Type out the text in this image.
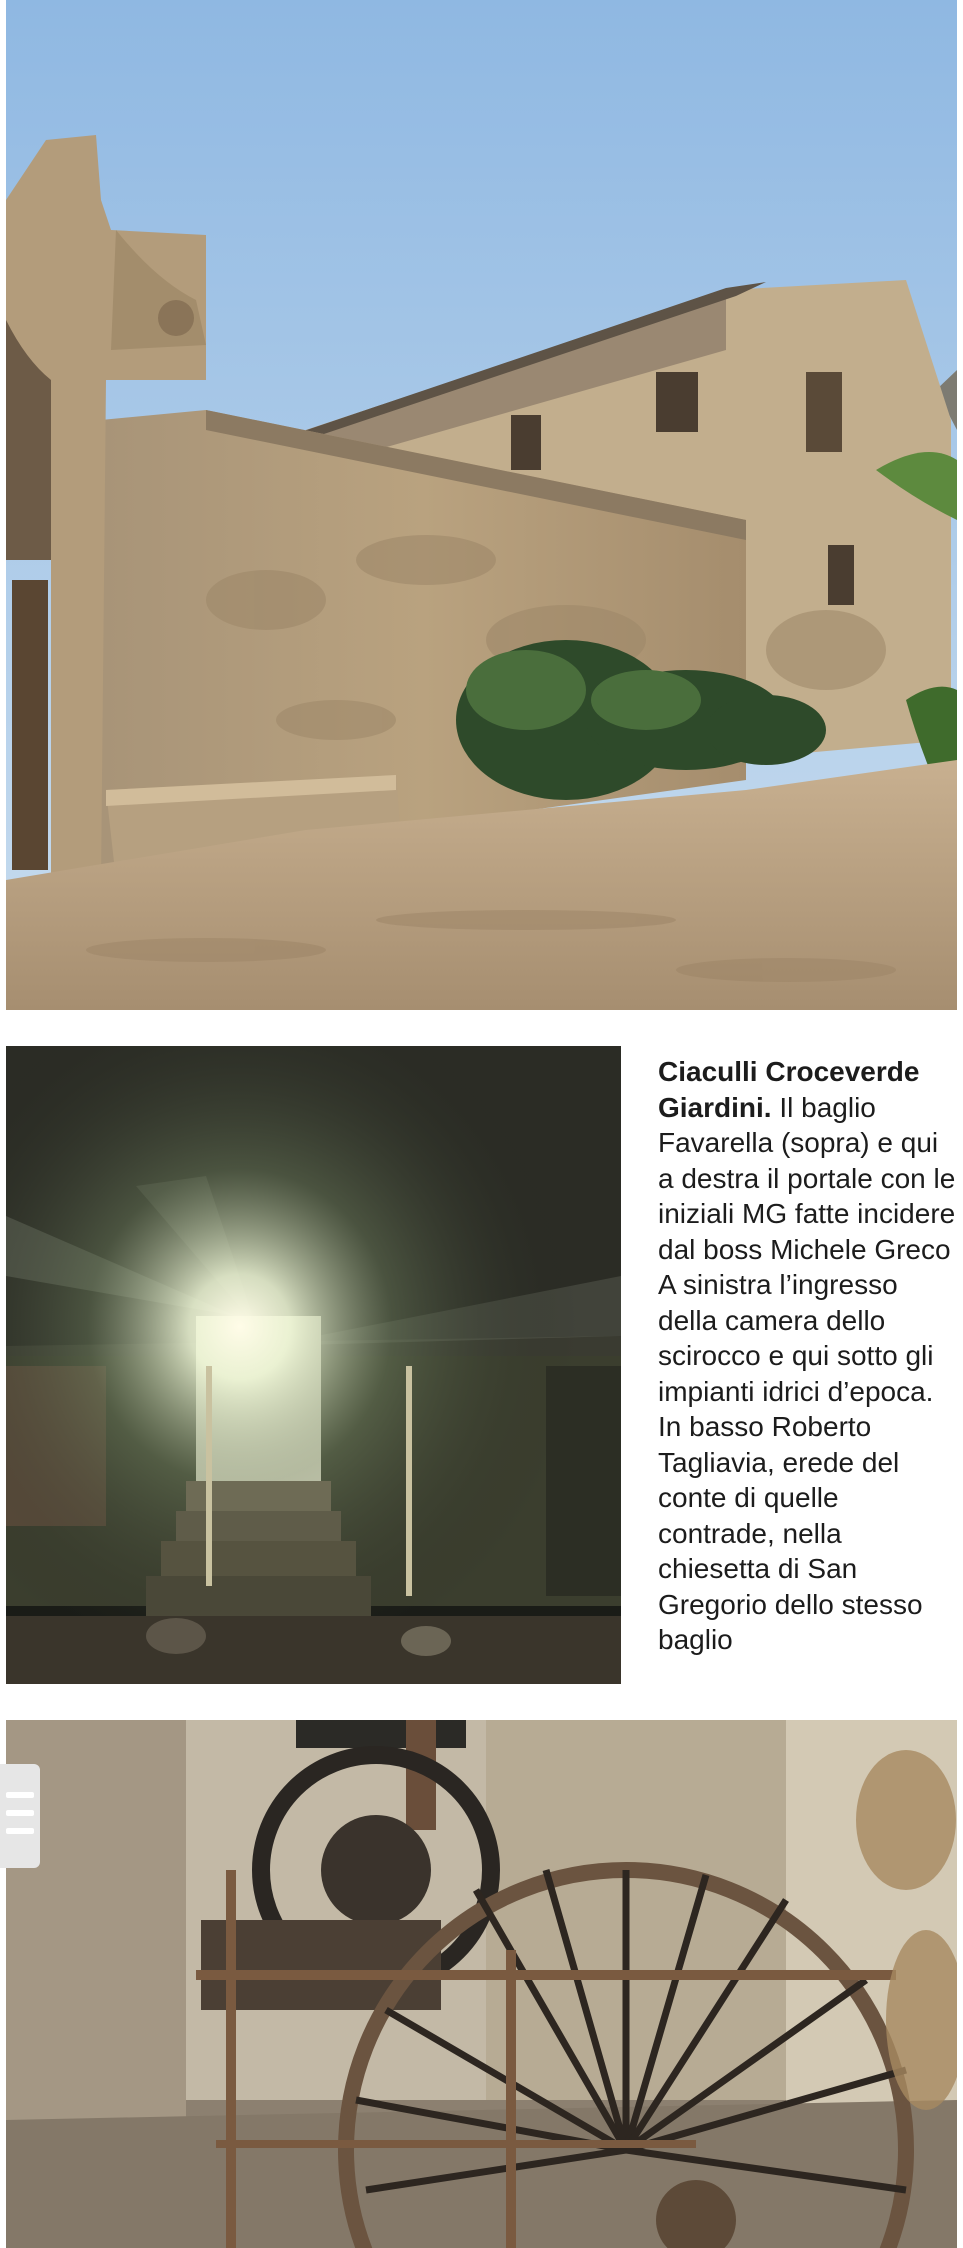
Ciaculli Croceverde Giardini. Il baglio Favarella (sopra) e qui a destra il portale con le iniziali MG fatte incidere dal boss Michele Greco A sinistra l’ingresso della camera dello scirocco e qui sotto gli impianti idrici d’epoca. In basso Roberto Tagliavia, erede del conte di quelle contrade, nella chiesetta di San Gregorio dello stesso baglio
